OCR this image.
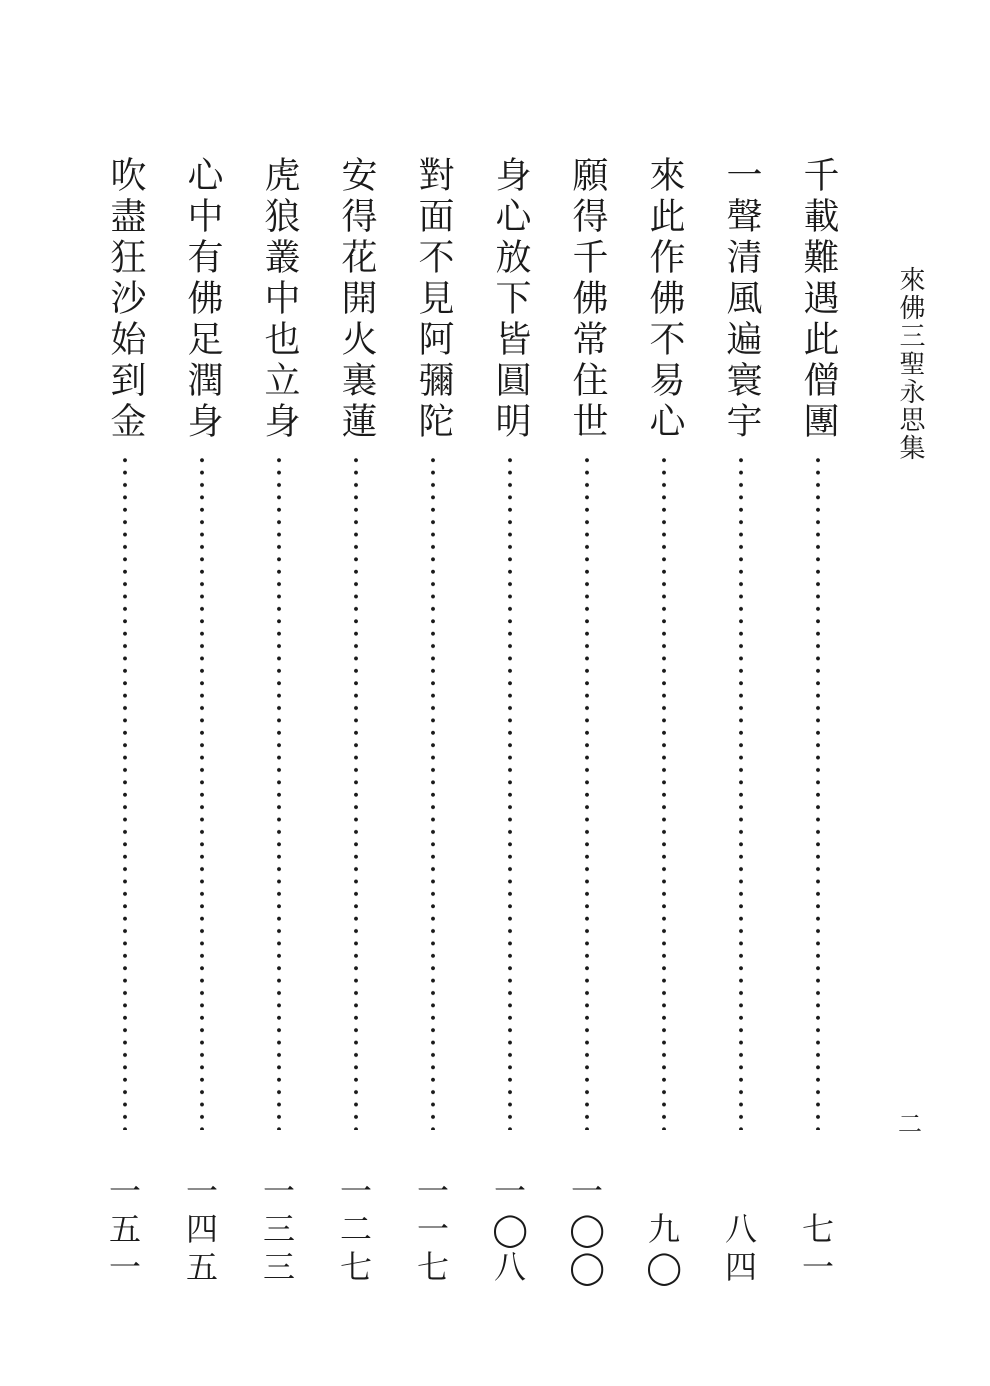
來佛三聖永思集
二
千載難遇此僧團
七
一
一聲清風遍寰宇
八
四
來此作佛不易心
九
◯
願得千佛常住世
一
◯
◯
身心放下皆圓明
一
◯
八
對面不見阿彌陀
一
一
七
安得花開火裏蓮
一
二
七
虎狼叢中也立身
一
三
三
心中有佛足潤身
一
四
五
吹盡狂沙始到金
一
五
一
